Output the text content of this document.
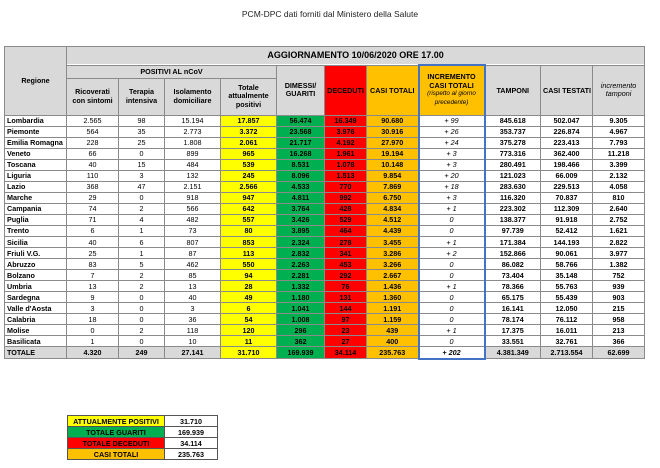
PCM-DPC dati forniti dal Ministero della Salute
Regione	AGGIORNAMENTO 10/06/2020 ORE 17.00										
	POSITIVI AL nCoV				DIMESSI/ GUARITI	DECEDUTI	CASI TOTALI	INCREMENTO CASI TOTALI
(rispetto al giorno precedente)	TAMPONI	CASI TESTATI	incremento tamponi
	Ricoverati con sintomi	Terapia intensiva	Isolamento domiciliare	Totale attualmente positivi							
Lombardia	2.565	98	15.194	17.857	56.474	16.349	90.680	+ 99	845.618	502.047	9.305
Piemonte	564	35	2.773	3.372	23.568	3.976	30.916	+ 26	353.737	226.874	4.967
Emilia Romagna	228	25	1.808	2.061	21.717	4.192	27.970	+ 24	375.278	223.413	7.793
Veneto	66	0	899	965	16.268	1.961	19.194	+ 3	773.316	362.400	11.218
Toscana	40	15	484	539	8.531	1.078	10.148	+ 3	280.491	198.466	3.399
Liguria	110	3	132	245	8.096	1.513	9.854	+ 20	121.023	66.009	2.132
Lazio	368	47	2.151	2.566	4.533	770	7.869	+ 18	283.630	229.513	4.058
Marche	29	0	918	947	4.811	992	6.750	+ 3	116.320	70.837	810
Campania	74	2	566	642	3.764	428	4.834	+ 1	223.302	112.309	2.640
Puglia	71	4	482	557	3.426	529	4.512	0	138.377	91.918	2.752
Trento	6	1	73	80	3.895	464	4.439	0	97.739	52.412	1.621
Sicilia	40	6	807	853	2.324	278	3.455	+ 1	171.384	144.193	2.822
Friuli V.G.	25	1	87	113	2.832	341	3.286	+ 2	152.866	90.061	3.977
Abruzzo	83	5	462	550	2.263	453	3.266	0	86.082	58.766	1.382
Bolzano	7	2	85	94	2.281	292	2.667	0	73.404	35.148	752
Umbria	13	2	13	28	1.332	76	1.436	+ 1	78.366	55.763	939
Sardegna	9	0	40	49	1.180	131	1.360	0	65.175	55.439	903
Valle d'Aosta	3	0	3	6	1.041	144	1.191	0	16.141	12.050	215
Calabria	18	0	36	54	1.008	97	1.159	0	78.174	76.112	958
Molise	0	2	118	120	296	23	439	+ 1	17.375	16.011	213
Basilicata	1	0	10	11	362	27	400	0	33.551	32.761	366
TOTALE	4.320	249	27.141	31.710	169.939	34.114	235.763	+ 202	4.381.349	2.713.554	62.699
ATTUALMENTE POSITIVI	31.710
TOTALE GUARITI	169.939
TOTALE DECEDUTI	34.114
CASI TOTALI	235.763
